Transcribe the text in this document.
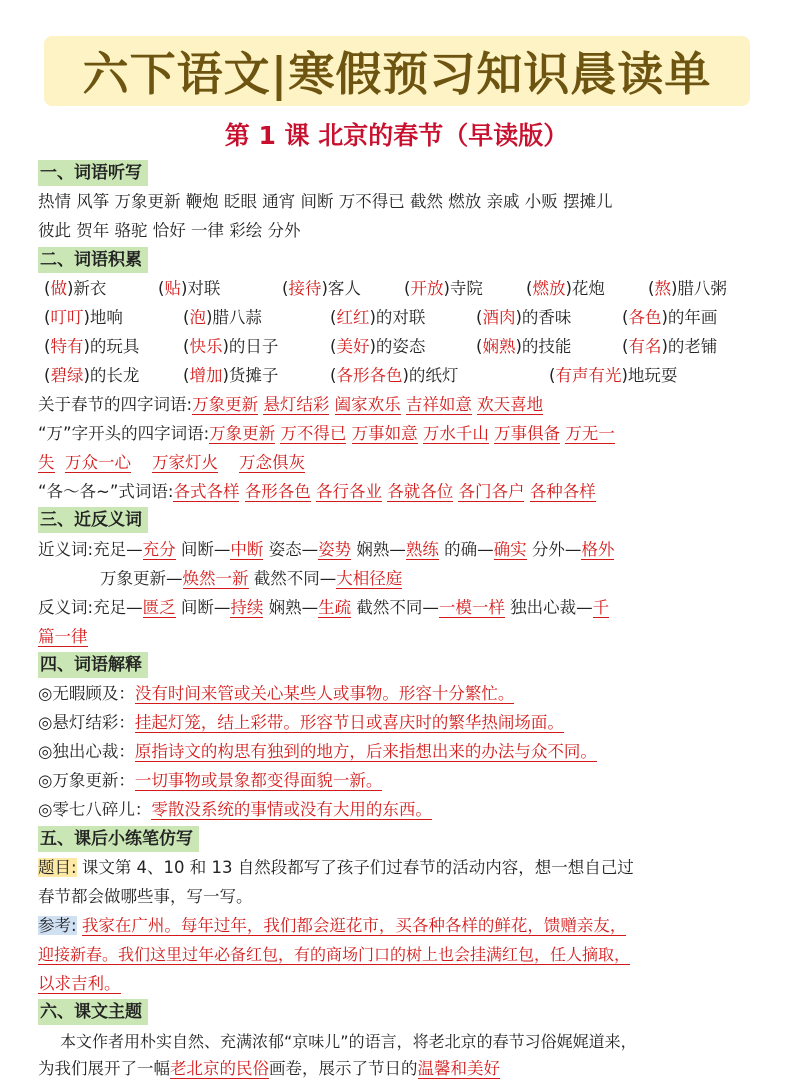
六下语文|寒假预习知识晨读单
第 1 课 北京的春节（早读版）
一、词语听写
热情 风筝 万象更新 鞭炮 眨眼 通宵 间断 万不得已 截然 燃放 亲戚 小贩 摆摊儿
彼此 贺年 骆驼 恰好 一律 彩绘 分外
二、词语积累
(做)新衣	(贴)对联	(接待)客人	(开放)寺院	(燃放)花炮	(熬)腊八粥
(叮叮)地响	(泡)腊八蒜	(红红)的对联	(酒肉)的香味	(各色)的年画
(特有)的玩具	(快乐)的日子	(美好)的姿态	(娴熟)的技能	(有名)的老铺
(碧绿)的长龙	(增加)货摊子	(各形各色)的纸灯	(有声有光)地玩耍
关于春节的四字词语:万象更新 悬灯结彩 阖家欢乐 吉祥如意 欢天喜地
“万”字开头的四字词语:万象更新 万不得已 万事如意 万水千山 万事俱备 万无一
失 万众一心 万家灯火 万念俱灰
“各～各~”式词语:各式各样 各形各色 各行各业 各就各位 各门各户 各种各样
三、近反义词
近义词:充足—充分 间断—中断 姿态—姿势 娴熟—熟练 的确—确实 分外—格外
万象更新—焕然一新 截然不同—大相径庭
反义词:充足—匮乏 间断—持续 娴熟—生疏 截然不同—一模一样 独出心裁—千
篇一律
四、词语解释
◎无暇顾及：没有时间来管或关心某些人或事物。形容十分繁忙。
◎悬灯结彩：挂起灯笼，结上彩带。形容节日或喜庆时的繁华热闹场面。
◎独出心裁：原指诗文的构思有独到的地方，后来指想出来的办法与众不同。
◎万象更新：一切事物或景象都变得面貌一新。
◎零七八碎儿：零散没系统的事情或没有大用的东西。
五、课后小练笔仿写
题目: 课文第 4、10 和 13 自然段都写了孩子们过春节的活动内容，想一想自己过
春节都会做哪些事，写一写。
参考: 我家在广州。每年过年，我们都会逛花市，买各种各样的鲜花，馈赠亲友，
迎接新春。我们这里过年必备红包，有的商场门口的树上也会挂满红包，任人摘取，
以求吉利。
六、课文主题
本文作者用朴实自然、充满浓郁“京味儿”的语言，将老北京的春节习俗娓娓道来，
为我们展开了一幅老北京的民俗画卷，展示了节日的温馨和美好
